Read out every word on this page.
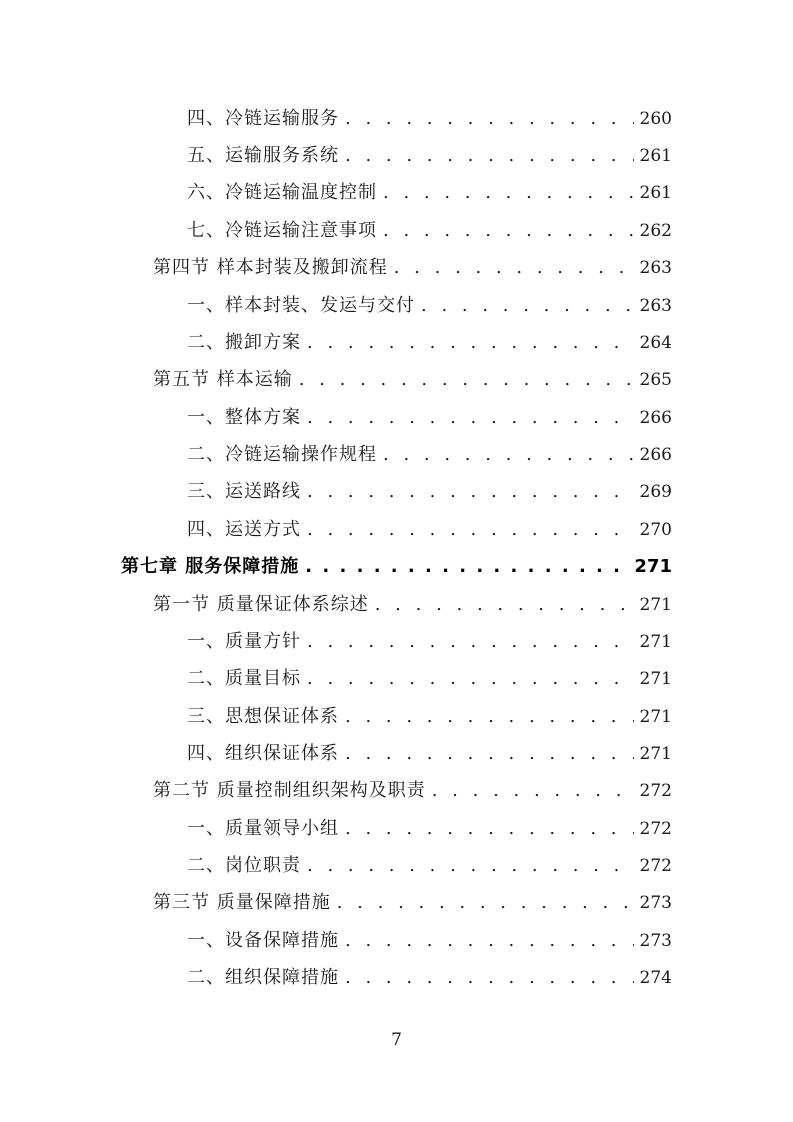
四、冷链运输服务 . . .	260
五、运输服务系统 . . .	261
六、冷链运输温度控制 . . .	261
七、冷链运输注意事项 . . .	262
第四节 样本封装及搬卸流程 . . .	263
一、样本封装、发运与交付 . . .	263
二、搬卸方案 . . .	264
第五节 样本运输 . . .	265
一、整体方案 . . .	266
二、冷链运输操作规程 . . .	266
三、运送路线 . . .	269
四、运送方式 . . .	270
第七章 服务保障措施 . . .	271
第一节 质量保证体系综述 . . .	271
一、质量方针 . . .	271
二、质量目标 . . .	271
三、思想保证体系 . . .	271
四、组织保证体系 . . .	271
第二节 质量控制组织架构及职责 . . .	272
一、质量领导小组 . . .	272
二、岗位职责 . . .	272
第三节 质量保障措施 . . .	273
一、设备保障措施 . . .	273
二、组织保障措施 . . .	274
7
